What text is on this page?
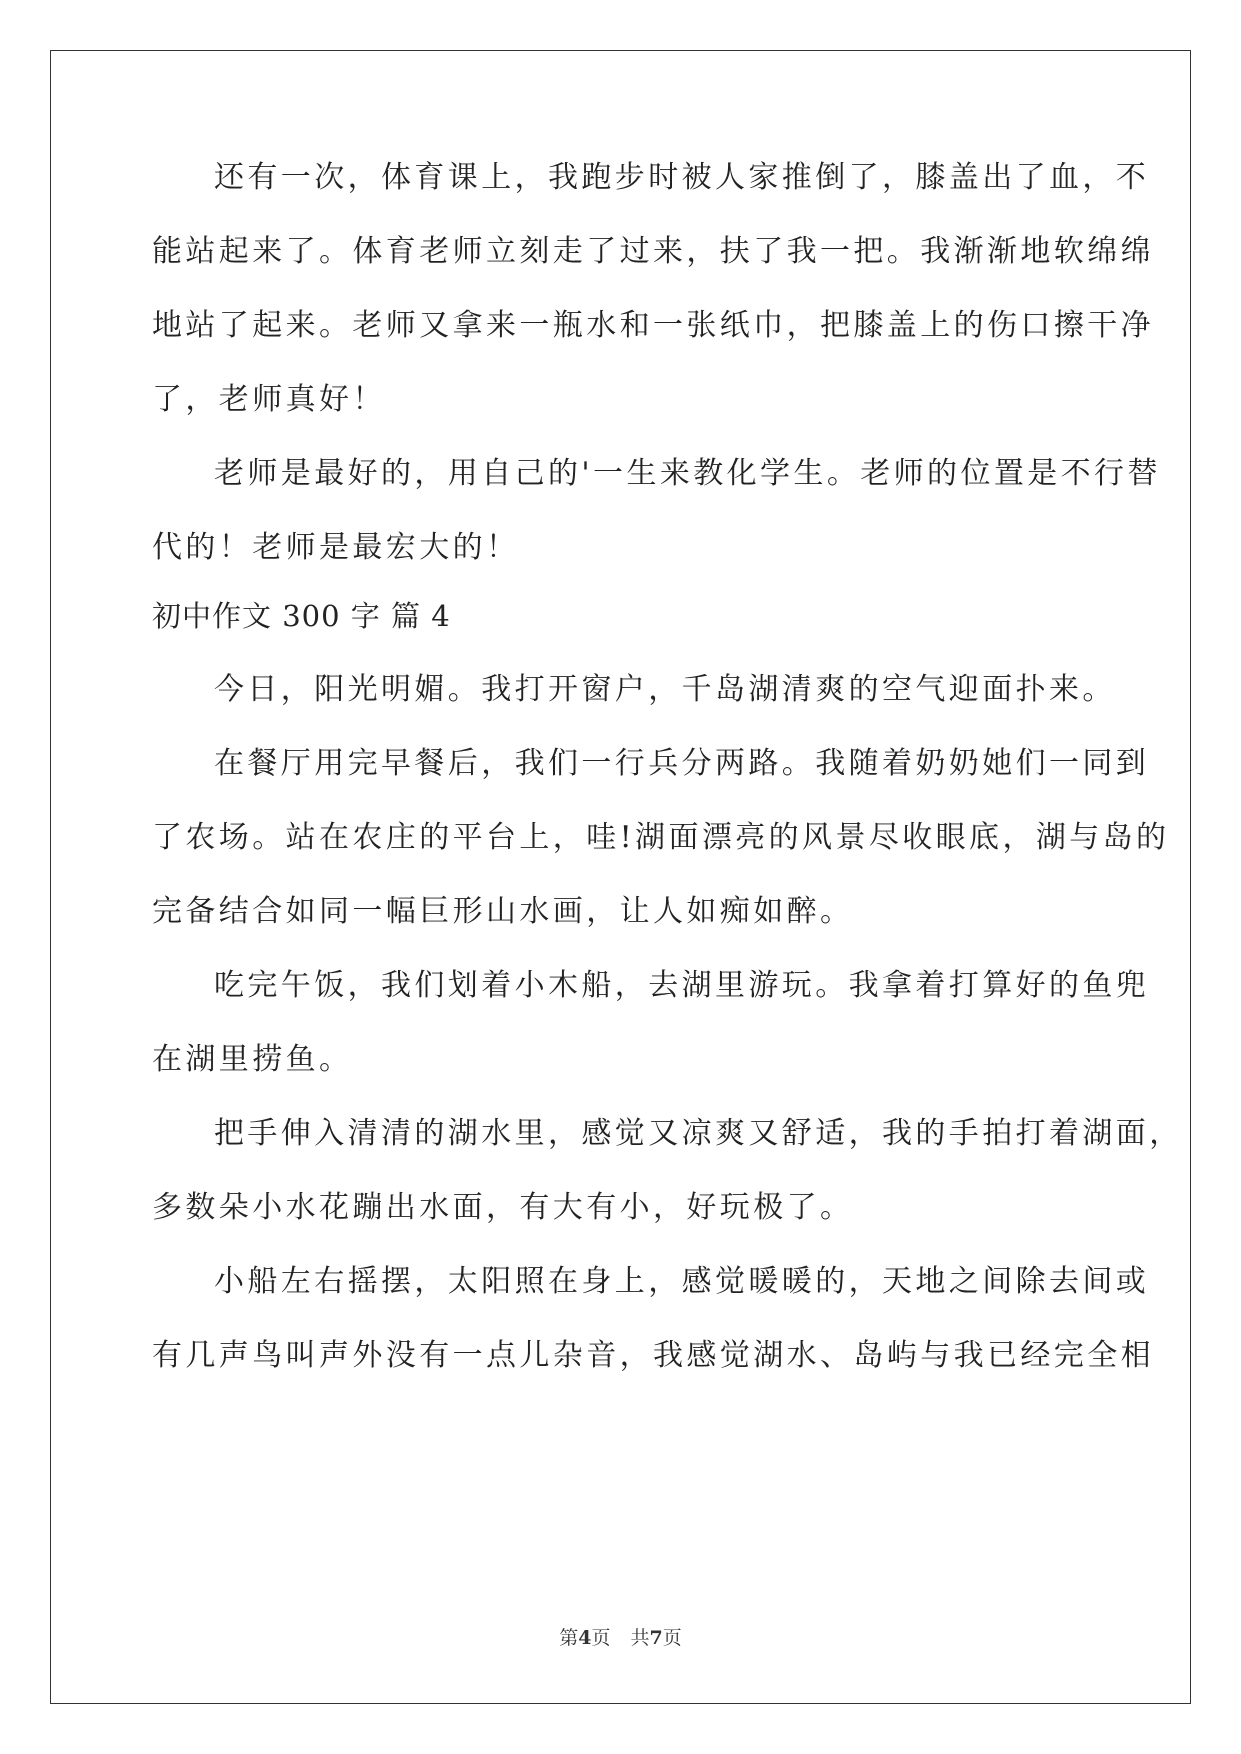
还有一次，体育课上，我跑步时被人家推倒了，膝盖出了血，不
能站起来了。体育老师立刻走了过来，扶了我一把。我渐渐地软绵绵
地站了起来。老师又拿来一瓶水和一张纸巾，把膝盖上的伤口擦干净
了，老师真好！
老师是最好的，用自己的'一生来教化学生。老师的位置是不行替
代的！老师是最宏大的！
初中作文 300 字 篇 4
今日，阳光明媚。我打开窗户，千岛湖清爽的空气迎面扑来。
在餐厅用完早餐后，我们一行兵分两路。我随着奶奶她们一同到
了农场。站在农庄的平台上，哇!湖面漂亮的风景尽收眼底，湖与岛的
完备结合如同一幅巨形山水画，让人如痴如醉。
吃完午饭，我们划着小木船，去湖里游玩。我拿着打算好的鱼兜
在湖里捞鱼。
把手伸入清清的湖水里，感觉又凉爽又舒适，我的手拍打着湖面，
多数朵小水花蹦出水面，有大有小，好玩极了。
小船左右摇摆，太阳照在身上，感觉暖暖的，天地之间除去间或
有几声鸟叫声外没有一点儿杂音，我感觉湖水、岛屿与我已经完全相
第4页 共7页
